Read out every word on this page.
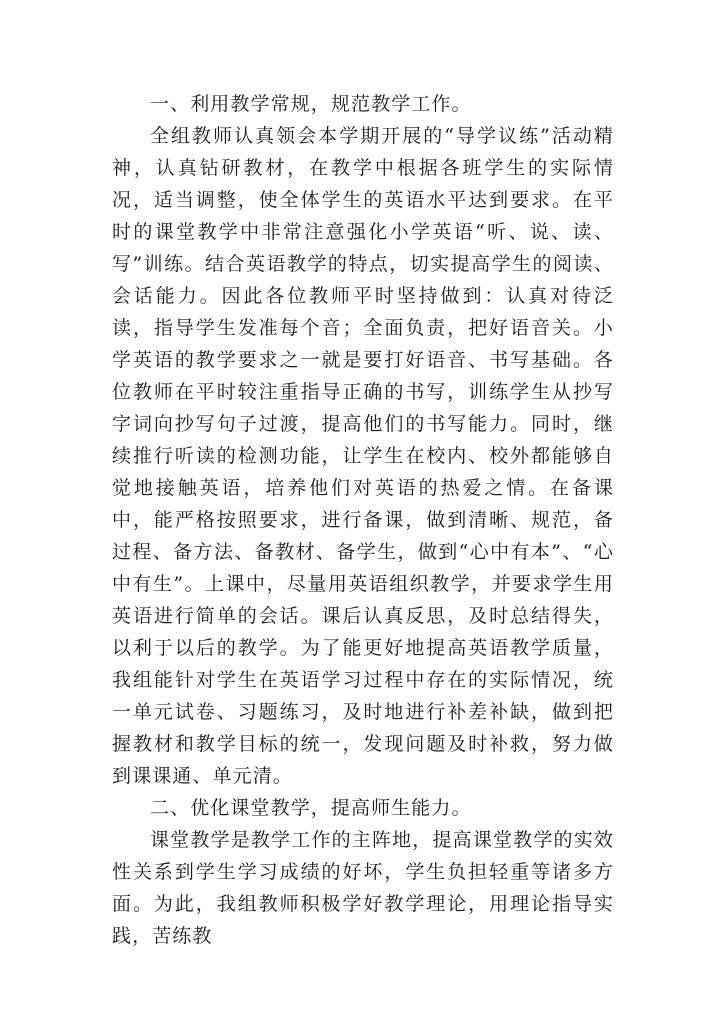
一、利用教学常规，规范教学工作。

全组教师认真领会本学期开展的“导学议练”活动精神，认真钻研教材，在教学中根据各班学生的实际情况，适当调整，使全体学生的英语水平达到要求。在平时的课堂教学中非常注意强化小学英语“听、说、读、写”训练。结合英语教学的特点，切实提高学生的阅读、会话能力。因此各位教师平时坚持做到：认真对待泛读，指导学生发准每个音；全面负责，把好语音关。小学英语的教学要求之一就是要打好语音、书写基础。各位教师在平时较注重指导正确的书写，训练学生从抄写字词向抄写句子过渡，提高他们的书写能力。同时，继续推行听读的检测功能，让学生在校内、校外都能够自觉地接触英语，培养他们对英语的热爱之情。在备课中，能严格按照要求，进行备课，做到清晰、规范，备过程、备方法、备教材、备学生，做到“心中有本”、“心中有生”。上课中，尽量用英语组织教学，并要求学生用英语进行简单的会话。课后认真反思，及时总结得失，以利于以后的教学。为了能更好地提高英语教学质量，我组能针对学生在英语学习过程中存在的实际情况，统一单元试卷、习题练习，及时地进行补差补缺，做到把握教材和教学目标的统一，发现问题及时补救，努力做到课课通、单元清。

二、优化课堂教学，提高师生能力。

课堂教学是教学工作的主阵地，提高课堂教学的实效性关系到学生学习成绩的好坏，学生负担轻重等诸多方面。为此，我组教师积极学好教学理论，用理论指导实践，苦练教
